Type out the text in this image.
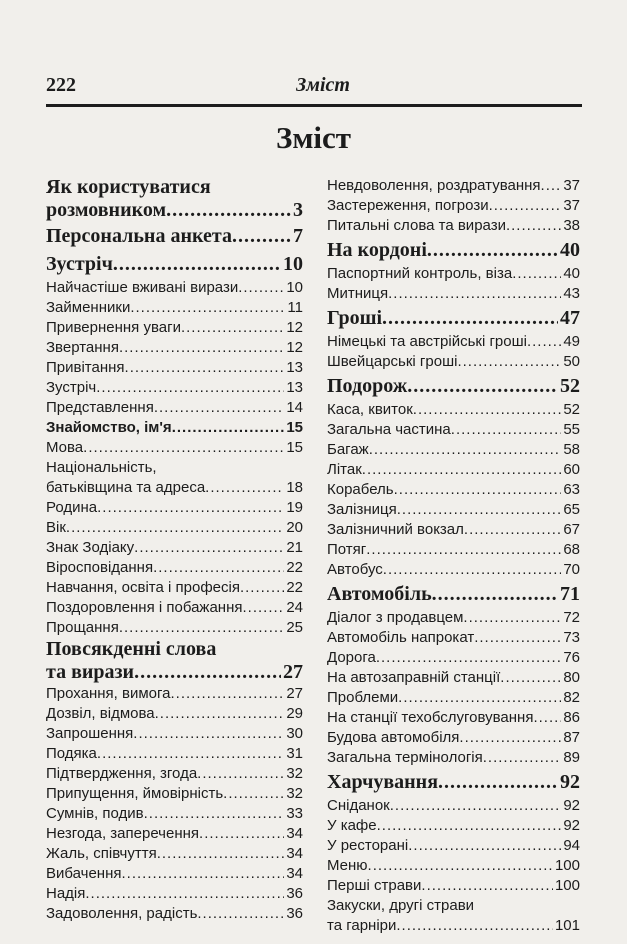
222	Зміст
Зміст
Як користуватися
розмовником .....	3
Персональна анкета .....	7
Зустріч .....	10
Найчастіше вживані вирази .....	10
Займенники .....	11
Привернення уваги .....	12
Звертання .....	12
Привітання .....	13
Зустріч .....	13
Представлення .....	14
Знайомство, ім'я .....	15
Мова .....	15
Національність,
батьківщина та адреса .....	18
Родина .....	19
Вік .....	20
Знак Зодіаку .....	21
Віросповідання .....	22
Навчання, освіта і професія .....	22
Поздоровлення і побажання .....	24
Прощання .....	25
Повсякденні слова
та вирази .....	27
Прохання, вимога .....	27
Дозвіл, відмова .....	29
Запрошення .....	30
Подяка .....	31
Підтвердження, згода .....	32
Припущення, ймовірність .....	32
Сумнів, подив .....	33
Незгода, заперечення .....	34
Жаль, співчуття .....	34
Вибачення .....	34
Надія .....	36
Задоволення, радість .....	36
Невдоволення, роздратування ..... 37
Застереження, погрози .....	37
Питальні слова та вирази .....	38
На кордоні .....	40
Паспортний контроль, віза .....	40
Митниця .....	43
Гроші .....	47
Німецькі та австрійські гроші ..... 49
Швейцарські гроші .....	50
Подорож .....	52
Каса, квиток .....	52
Загальна частина .....	55
Багаж .....	58
Літак .....	60
Корабель .....	63
Залізниця .....	65
Залізничний вокзал .....	67
Потяг .....	68
Автобус .....	70
Автомобіль .....	71
Діалог з продавцем .....	72
Автомобіль напрокат .....	73
Дорога .....	76
На автозаправній станції .....	80
Проблеми .....	82
На станції техобслуговування ..... 86
Будова автомобіля .....	87
Загальна термінологія .....	89
Харчування .....	92
Сніданок .....	92
У кафе .....	92
У ресторані .....	94
Меню .....	100
Перші страви .....	100
Закуски, другі страви
та гарніри .....	101
